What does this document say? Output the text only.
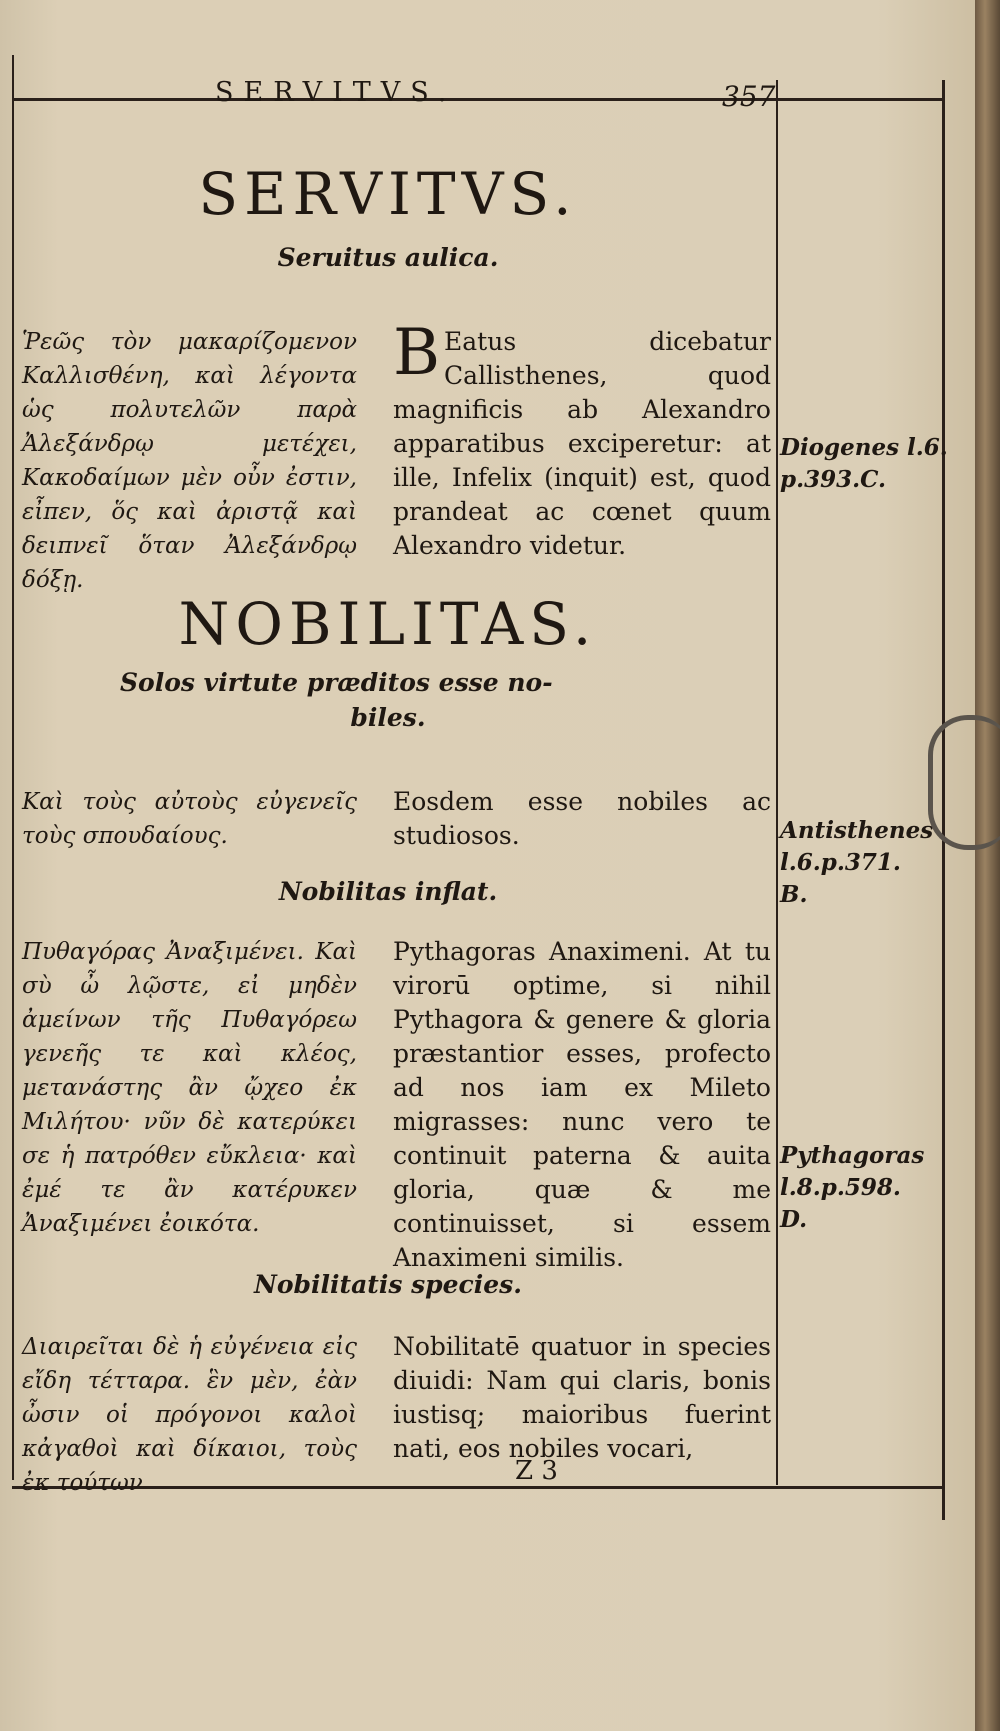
SERVITVS.	357
SERVITVS.
Seruitus aulica.
Ῥεῶς τὸν μακαρίζομενον Καλλισθένη, καὶ λέγοντα ὡς πολυτελῶν παρὰ Ἀλεξάνδρῳ μετέχει, Κακοδαίμων μὲν οὖν ἐστιν, εἶπεν, ὅς καὶ ἀριστᾷ καὶ δειπνεῖ ὅταν Ἀλεξάνδρῳ δόξῃ.
B Eatus dicebatur Callisthenes, quod magnificis ab Alexandro apparatibus exciperetur: at ille, Infelix (inquit) est, quod prandeat ac cœnet quum Alexandro videtur.
Diogenes l.6. p.393.C.
NOBILITAS.
Solos virtute præditos esse no-
biles.
Καὶ τοὺς αὐτοὺς εὐγενεῖς τοὺς σπουδαίους.
Eosdem esse nobiles ac studiosos.	Antisthenes l.6.p.371. B.
Nobilitas inflat.
Πυθαγόρας Ἀναξιμένει. Καὶ σὺ ὦ λῷστε, εἰ μηδὲν ἀμείνων τῆς Πυθαγόρεω γενεῆς τε καὶ κλέος, μετανάστης ἂν ᾤχεο ἐκ Μιλήτου· νῦν δὲ κατερύκει σε ἡ πατρόθεν εὔκλεια· καὶ ἐμέ τε ἂν κατέρυκεν Ἀναξιμένει ἐοικότα.
Pythagoras Anaximeni. At tu virorū optime, si nihil Pythagora & genere & gloria præstantior esses, profecto ad nos iam ex Mileto migrasses: nunc vero te continuit paterna & auita gloria, quæ & me continuisset, si essem Anaximeni similis.
Pythagoras l.8.p.598. D.
Nobilitatis species.
Διαιρεῖται δὲ ἡ εὐγένεια εἰς εἴδη τέτταρα. ἓν μὲν, ἐὰν ὦσιν οἱ πρόγονοι καλοὶ κἀγαθοὶ καὶ δίκαιοι, τοὺς ἐκ τούτων
Nobilitatē quatuor in species diuidi: Nam qui claris, bonis iustisq; maioribus fuerint nati, eos nobiles vocari,
Z 3
